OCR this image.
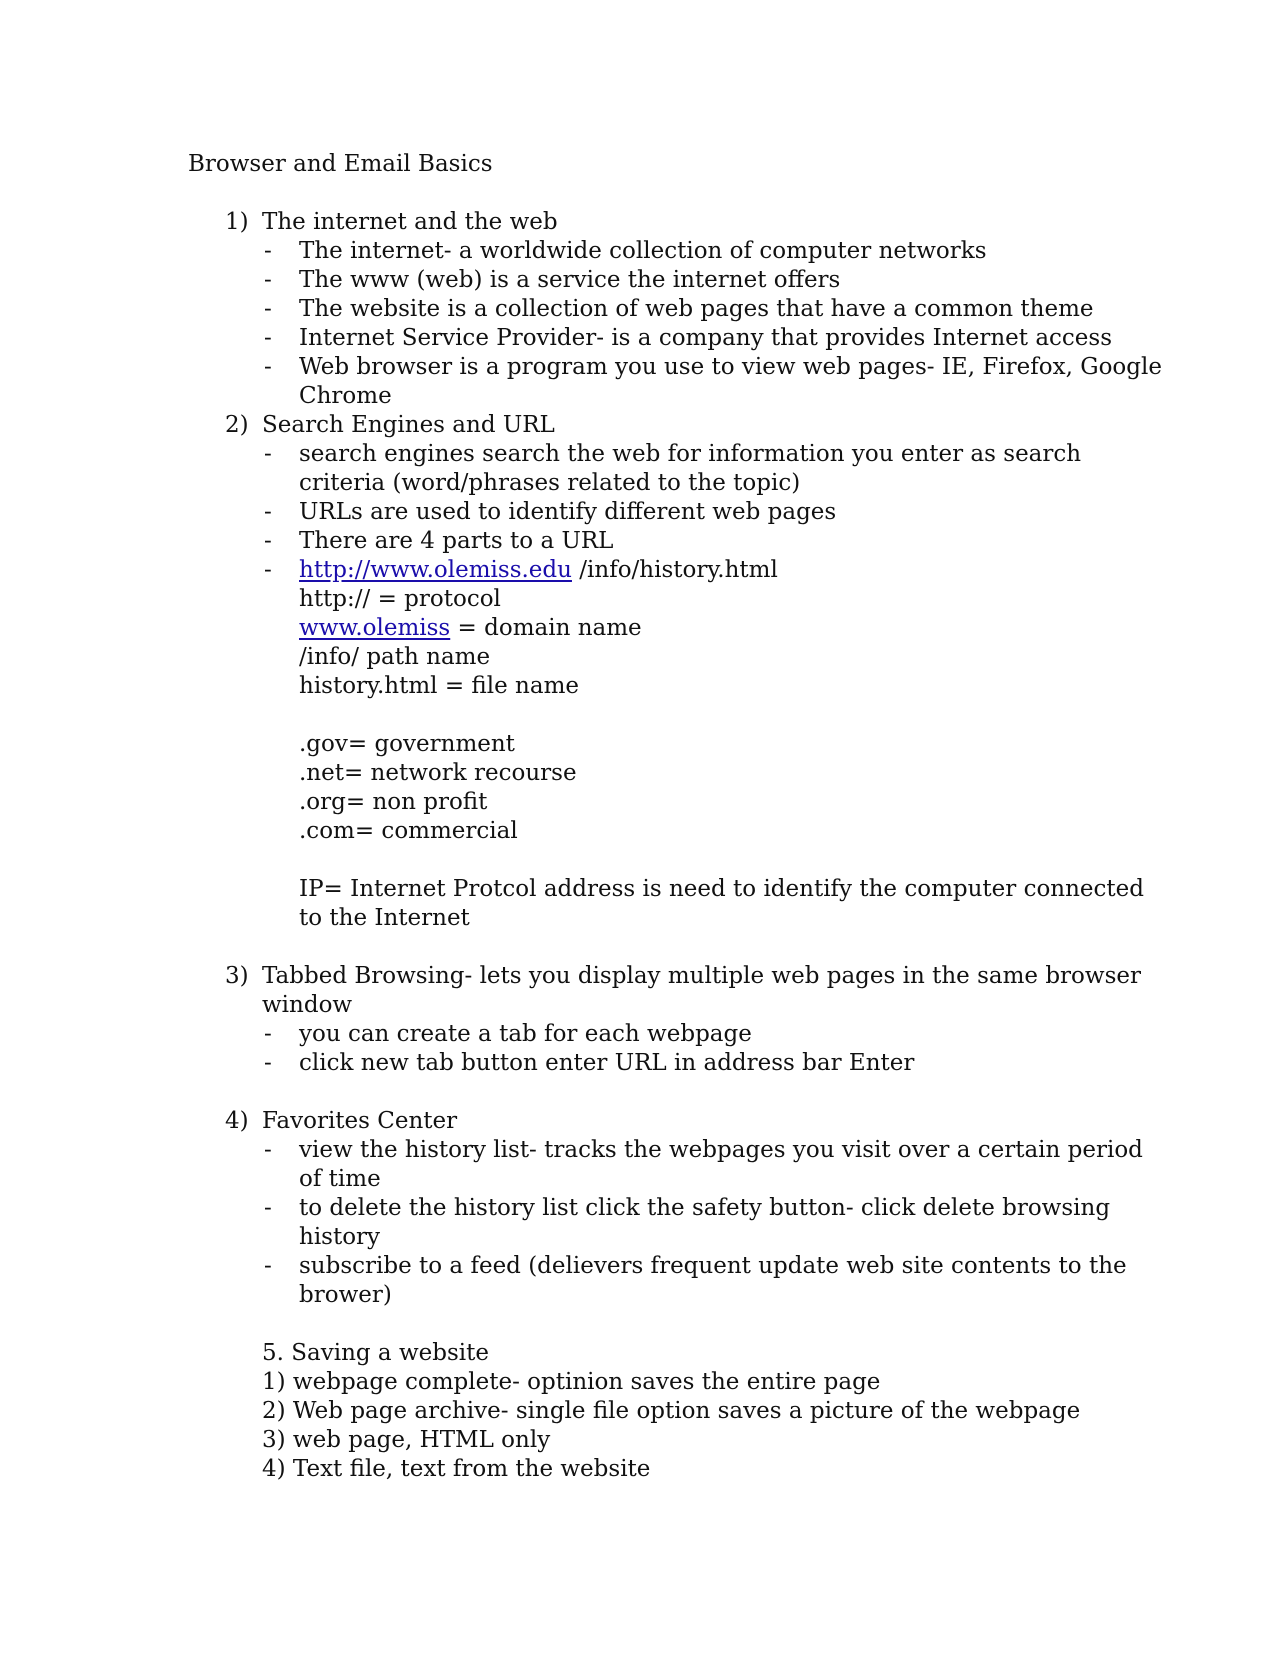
Browser and Email Basics
1) The internet and the web
- The internet- a worldwide collection of computer networks
- The www (web) is a service the internet offers
- The website is a collection of web pages that have a common theme
- Internet Service Provider- is a company that provides Internet access
- Web browser is a program you use to view web pages- IE, Firefox, Google
Chrome
2) Search Engines and URL
- search engines search the web for information you enter as search
criteria (word/phrases related to the topic)
- URLs are used to identify different web pages
- There are 4 parts to a URL
- http://www.olemiss.edu /info/history.html
http:// = protocol
www.olemiss = domain name
/info/ path name
history.html = file name
.gov= government
.net= network recourse
.org= non profit
.com= commercial
IP= Internet Protcol address is need to identify the computer connected
to the Internet
3) Tabbed Browsing- lets you display multiple web pages in the same browser
window
- you can create a tab for each webpage
- click new tab button enter URL in address bar Enter
4) Favorites Center
- view the history list- tracks the webpages you visit over a certain period
of time
- to delete the history list click the safety button- click delete browsing
history
- subscribe to a feed (delievers frequent update web site contents to the
brower)
5. Saving a website
1) webpage complete- optinion saves the entire page
2) Web page archive- single file option saves a picture of the webpage
3) web page, HTML only
4) Text file, text from the website
